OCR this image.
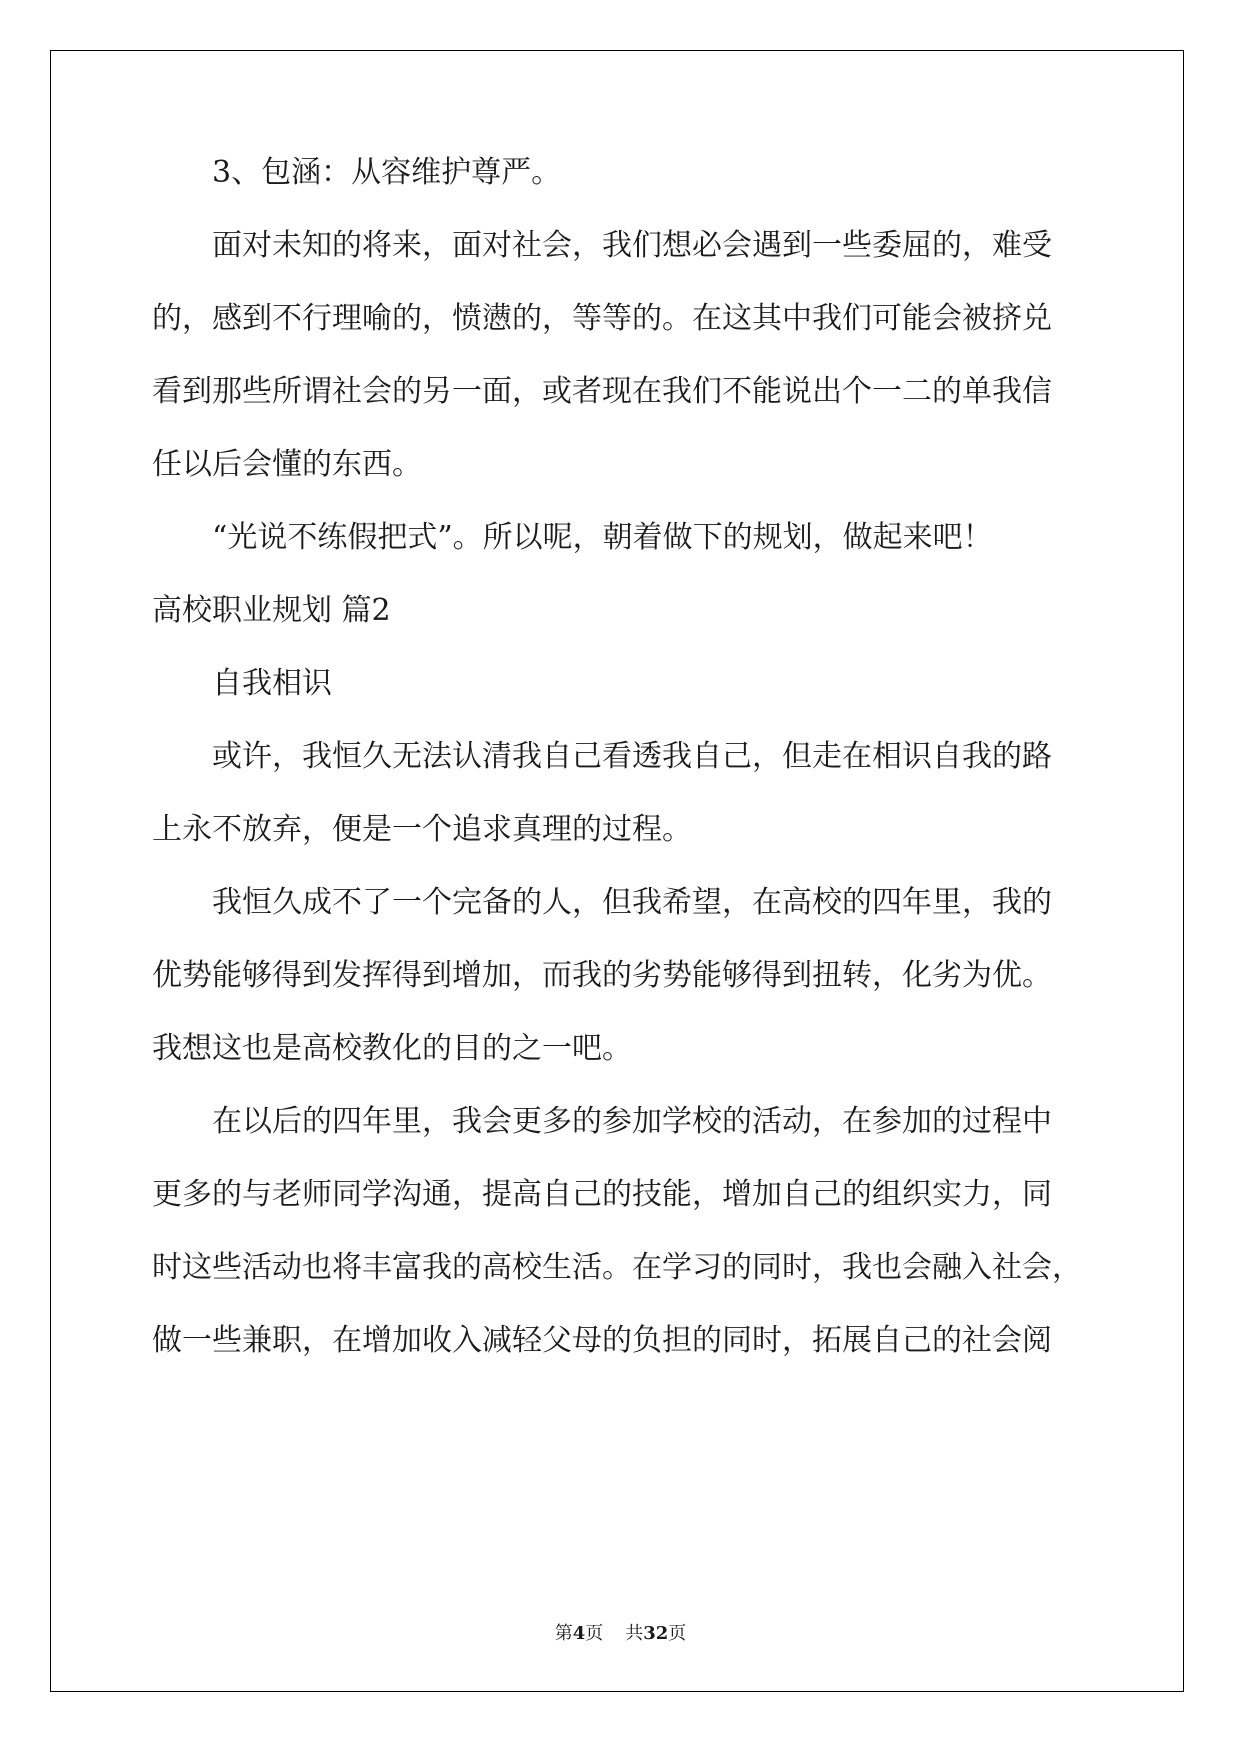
3、包涵：从容维护尊严。
面对未知的将来，面对社会，我们想必会遇到一些委屈的，难受
的，感到不行理喻的，愤懑的，等等的。在这其中我们可能会被挤兑
看到那些所谓社会的另一面，或者现在我们不能说出个一二的单我信
任以后会懂的东西。
“光说不练假把式”。所以呢，朝着做下的规划，做起来吧！
高校职业规划 篇2
自我相识
或许，我恒久无法认清我自己看透我自己，但走在相识自我的路
上永不放弃，便是一个追求真理的过程。
我恒久成不了一个完备的人，但我希望，在高校的四年里，我的
优势能够得到发挥得到增加，而我的劣势能够得到扭转，化劣为优。
我想这也是高校教化的目的之一吧。
在以后的四年里，我会更多的参加学校的活动，在参加的过程中
更多的与老师同学沟通，提高自己的技能，增加自己的组织实力，同
时这些活动也将丰富我的高校生活。在学习的同时，我也会融入社会，
做一些兼职，在增加收入减轻父母的负担的同时，拓展自己的社会阅
第4页 共32页
